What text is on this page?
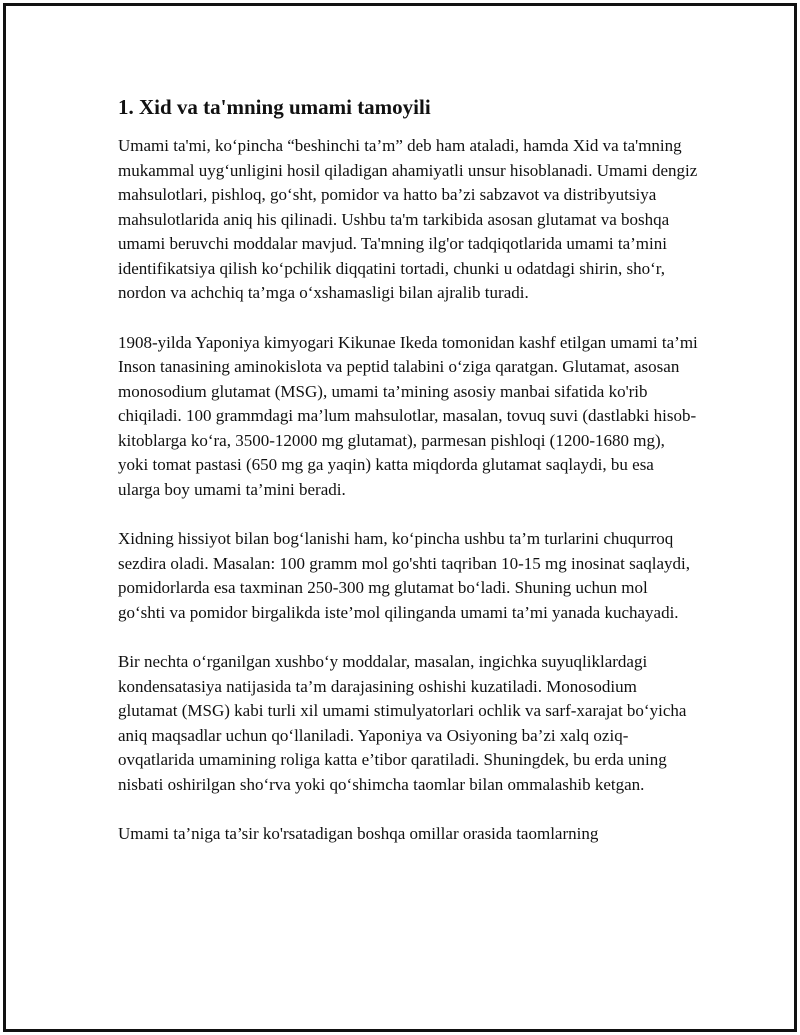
1. Xid va ta'mning umami tamoyili

Umami ta'mi, ko‘pincha “beshinchi ta’m” deb ham ataladi, hamda Xid va ta'mning mukammal uyg‘unligini hosil qiladigan ahamiyatli unsur hisoblanadi. Umami dengiz mahsulotlari, pishloq, go‘sht, pomidor va hatto ba’zi sabzavot va distribyutsiya mahsulotlarida aniq his qilinadi. Ushbu ta'm tarkibida asosan glutamat va boshqa umami beruvchi moddalar mavjud. Ta'mning ilg'or tadqiqotlarida umami ta’mini identifikatsiya qilish ko‘pchilik diqqatini tortadi, chunki u odatdagi shirin, sho‘r, nordon va achchiq ta’mga o‘xshamasligi bilan ajralib turadi.

1908-yilda Yaponiya kimyogari Kikunae Ikeda tomonidan kashf etilgan umami ta’mi Inson tanasining aminokislota va peptid talabini o‘ziga qaratgan. Glutamat, asosan monosodium glutamat (MSG), umami ta’mining asosiy manbai sifatida ko'rib chiqiladi. 100 grammdagi ma’lum mahsulotlar, masalan, tovuq suvi (dastlabki hisob-kitoblarga ko‘ra, 3500-12000 mg glutamat), parmesan pishloqi (1200-1680 mg), yoki tomat pastasi (650 mg ga yaqin) katta miqdorda glutamat saqlaydi, bu esa ularga boy umami ta’mini beradi.

Xidning hissiyot bilan bog‘lanishi ham, ko‘pincha ushbu ta’m turlarini chuqurroq sezdira oladi. Masalan: 100 gramm mol go'shti taqriban 10-15 mg inosinat saqlaydi, pomidorlarda esa taxminan 250-300 mg glutamat bo‘ladi. Shuning uchun mol go‘shti va pomidor birgalikda iste’mol qilinganda umami ta’mi yanada kuchayadi.

Bir nechta o‘rganilgan xushbo‘y moddalar, masalan, ingichka suyuqliklardagi kondensatasiya natijasida ta’m darajasining oshishi kuzatiladi. Monosodium glutamat (MSG) kabi turli xil umami stimulyatorlari ochlik va sarf-xarajat bo‘yicha aniq maqsadlar uchun qo‘llaniladi. Yaponiya va Osiyoning ba’zi xalq oziq-ovqatlarida umamining roliga katta e’tibor qaratiladi. Shuningdek, bu erda uning nisbati oshirilgan sho‘rva yoki qo‘shimcha taomlar bilan ommalashib ketgan.

Umami ta’niga ta’sir ko'rsatadigan boshqa omillar orasida taomlarning
